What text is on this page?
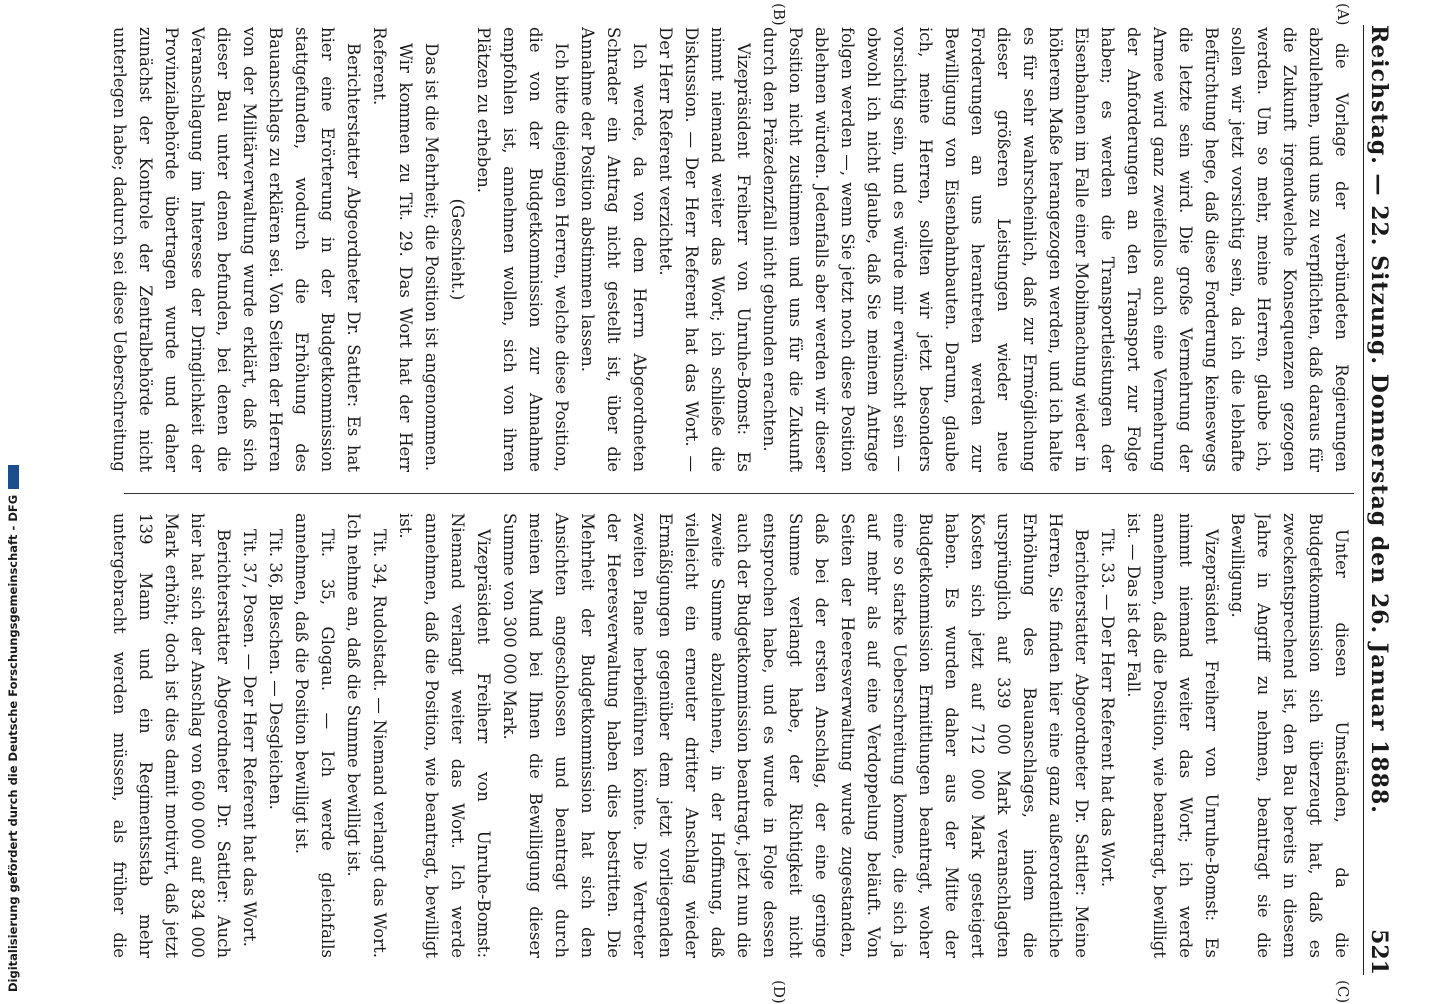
Digitalisierung gefördert durch die Deutsche Forschungsgemeinschaft - DFG
Reichstag. — 22. Sitzung. Donnerstag den 26. Januar 1888.
521
(A)
(B)
(C)
(D)

die Vorlage der verbündeten Regierungen abzulehnen, und uns zu verpflichten, daß daraus für die Zukunft irgendwelche Konsequenzen gezogen werden. Um so mehr, meine Herren, glaube ich, sollen wir jetzt vorsichtig sein, da ich die lebhafte Befürchtung hege, daß diese Forderung keineswegs die letzte sein wird. Die große Vermehrung der Armee wird ganz zweifellos auch eine Vermehrung der Anforderungen an den Transport zur Folge haben; es werden die Transportleistungen der Eisenbahnen im Falle einer Mobilmachung wieder in höherem Maße herangezogen werden, und ich halte es für sehr wahrscheinlich, daß zur Ermöglichung dieser größeren Leistungen wieder neue Forderungen an uns herantreten werden zur Bewilligung von Eisenbahnbauten. Darum, glaube ich, meine Herren, sollten wir jetzt besonders vorsichtig sein, und es würde mir erwünscht sein — obwohl ich nicht glaube, daß Sie meinem Antrage folgen werden —, wenn Sie jetzt noch diese Position ablehnen würden. Jedenfalls aber werden wir dieser Position nicht zustimmen und uns für die Zukunft durch den Präzedenzfall nicht gebunden erachten.

Vizepräsident Freiherr von Unruhe-Bomst: Es nimmt niemand weiter das Wort; ich schließe die Diskussion. — Der Herr Referent hat das Wort. — Der Herr Referent verzichtet.

Ich werde, da von dem Herrn Abgeordneten Schrader ein Antrag nicht gestellt ist, über die Annahme der Position abstimmen lassen.

Ich bitte diejenigen Herren, welche diese Position, die von der Budgetkommission zur Annahme empfohlen ist, annehmen wollen, sich von ihren Plätzen zu erheben.

(Geschieht.)

Das ist die Mehrheit; die Position ist angenommen.

Wir kommen zu Tit. 29. Das Wort hat der Herr Referent.

Berichterstatter Abgeordneter Dr. Sattler: Es hat hier eine Erörterung in der Budgetkommission stattgefunden, wodurch die Erhöhung des Bauanschlags zu erklären sei. Von Seiten der Herren von der Militärverwaltung wurde erklärt, daß sich dieser Bau unter denen befunden, bei denen die Veranschlagung im Interesse der Dringlichkeit der Provinzialbehörde übertragen wurde und daher zunächst der Kontrole der Zentralbehörde nicht unterlegen habe; dadurch sei diese Ueberschreitung

Unter diesen Umständen, da die Budgetkommission sich überzeugt hat, daß es zweckentsprechend ist, den Bau bereits in diesem Jahre in Angriff zu nehmen, beantragt sie die Bewilligung.

Vizepräsident Freiherr von Unruhe-Bomst: Es nimmt niemand weiter das Wort; ich werde annehmen, daß die Position, wie beantragt, bewilligt ist. — Das ist der Fall.

Tit. 33. — Der Herr Referent hat das Wort.

Berichterstatter Abgeordneter Dr. Sattler: Meine Herren, Sie finden hier eine ganz außerordentliche Erhöhung des Bauanschlages, indem die ursprünglich auf 339 000 Mark veranschlagten Kosten sich jetzt auf 712 000 Mark gesteigert haben. Es wurden daher aus der Mitte der Budgetkommission Ermittlungen beantragt, woher eine so starke Ueberschreitung komme, die sich ja auf mehr als auf eine Verdoppelung beläuft. Von Seiten der Heeresverwaltung wurde zugestanden, daß bei der ersten Anschlag, der eine geringe Summe verlangt habe, der Richtigkeit nicht entsprochen habe, und es wurde in Folge dessen auch der Budgetkommission beantragt, jetzt nun die zweite Summe abzulehnen, in der Hoffnung, daß vielleicht ein erneuter dritter Anschlag wieder Ermäßigungen gegenüber dem jetzt vorliegenden zweiten Plane herbeiführen könnte. Die Vertreter der Heeresverwaltung haben dies bestritten. Die Mehrheit der Budgetkommission hat sich den Ansichten angeschlossen und beantragt durch meinen Mund bei Ihnen die Bewilligung dieser Summe von 300 000 Mark.

Vizepräsident Freiherr von Unruhe-Bomst: Niemand verlangt weiter das Wort. Ich werde annehmen, daß die Position, wie beantragt, bewilligt ist.

Tit. 34, Rudolstadt. — Niemand verlangt das Wort. Ich nehme an, daß die Summe bewilligt ist.

Tit. 35, Glogau. — Ich werde gleichfalls annehmen, daß die Position bewilligt ist.

Tit. 36, Bleschen. — Desgleichen.

Tit. 37, Posen. — Der Herr Referent hat das Wort.

Berichterstatter Abgeordneter Dr. Sattler: Auch hier hat sich der Anschlag von 600 000 auf 834 000 Mark erhöht; doch ist dies damit motivirt, daß jetzt 139 Mann und ein Regimentsstab mehr untergebracht werden müssen, als früher die
